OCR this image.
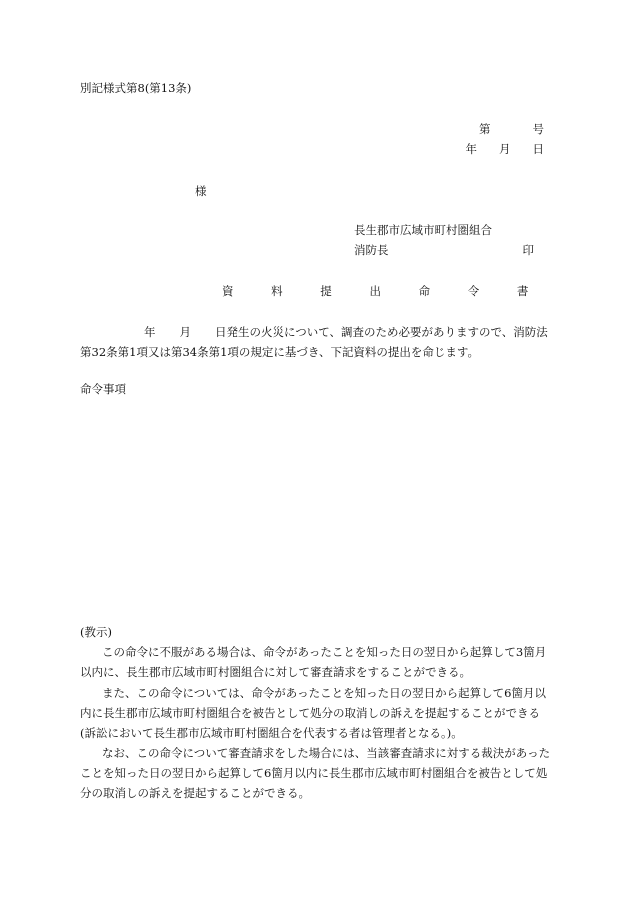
別記様式第8(第13条)
第	号
年 月 日
様
長生郡市広域市町村圏組合
消防長	印
資 料 提 出 命 令 書
年 月 日発生の火災について、調査のため必要がありますので、消防法第32条第1項又は第34条第1項の規定に基づき、下記資料の提出を命じます。
命令事項
(教示)
この命令に不服がある場合は、命令があったことを知った日の翌日から起算して3箇月以内に、長生郡市広域市町村圏組合に対して審査請求をすることができる。
また、この命令については、命令があったことを知った日の翌日から起算して6箇月以内に長生郡市広域市町村圏組合を被告として処分の取消しの訴えを提起することができる(訴訟において長生郡市広域市町村圏組合を代表する者は管理者となる。)。
なお、この命令について審査請求をした場合には、当該審査請求に対する裁決があったことを知った日の翌日から起算して6箇月以内に長生郡市広域市町村圏組合を被告として処分の取消しの訴えを提起することができる。
